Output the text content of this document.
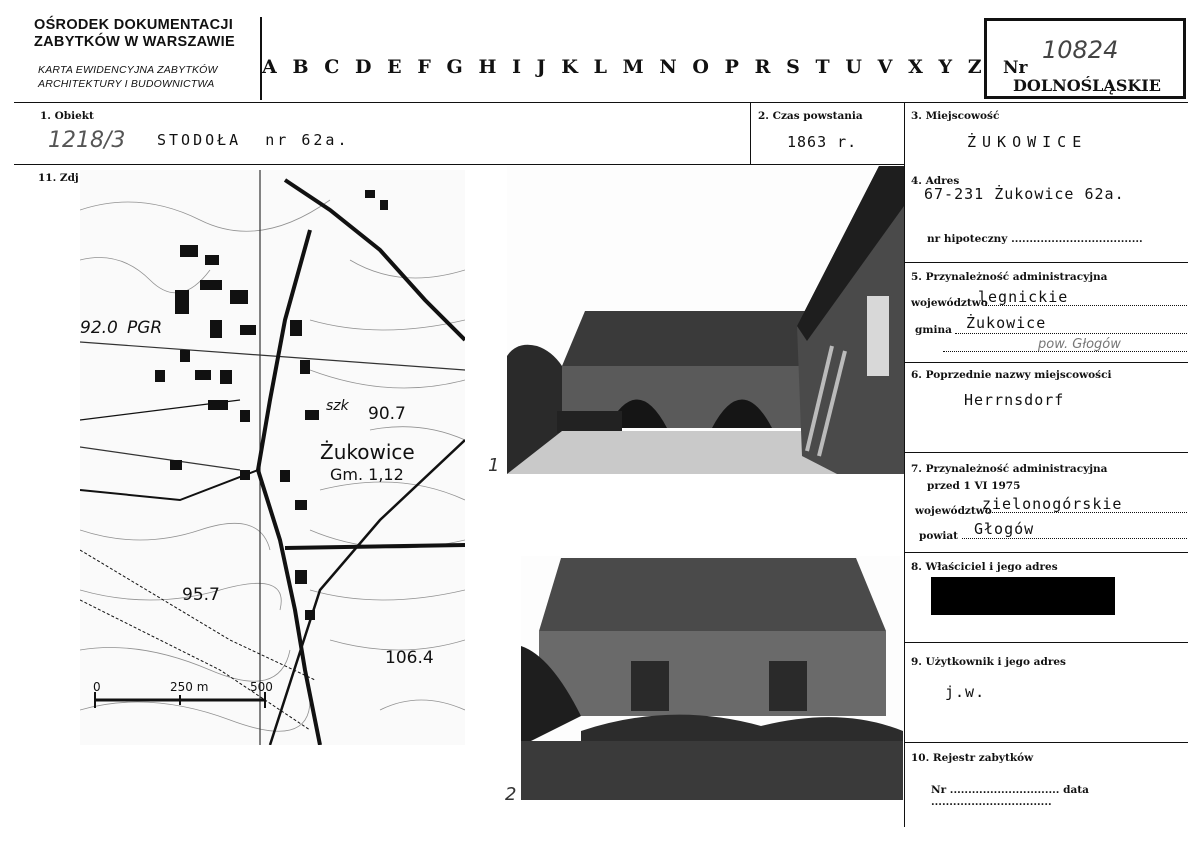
OŚRODEK DOKUMENTACJI
ZABYTKÓW W WARSZAWIE
KARTA EWIDENCYJNA ZABYTKÓW
ARCHITEKTURY I BUDOWNICTWA
A B C D E F G H I J K L M N O P R S T U V X Y Z Nr
10824
DOLNOŚLĄSKIE
1. Obiekt
1218/3 STODOŁA  nr 62a.
2. Czas powstania
1863 r.
3. Miejscowość
ŻUKOWICE
11. Zdj
92.0 PGR
szk 90.7
Żukowice
Gm. 1,12
95.7
106.4
0	250 m	500
1
2
4. Adres
67-231 Żukowice 62a.
nr hipoteczny ....................................
5. Przynależność administracyjna
województwo
legnickie
gmina Żukowice
pow. Głogów
6. Poprzednie nazwy miejscowości
Herrnsdorf
7. Przynależność administracyjna
przed 1 VI 1975
województwo
zielonogórskie
powiat Głogów
8. Właściciel i jego adres
9. Użytkownik i jego adres
j.w.
10. Rejestr zabytków
Nr .............................. data .................................
